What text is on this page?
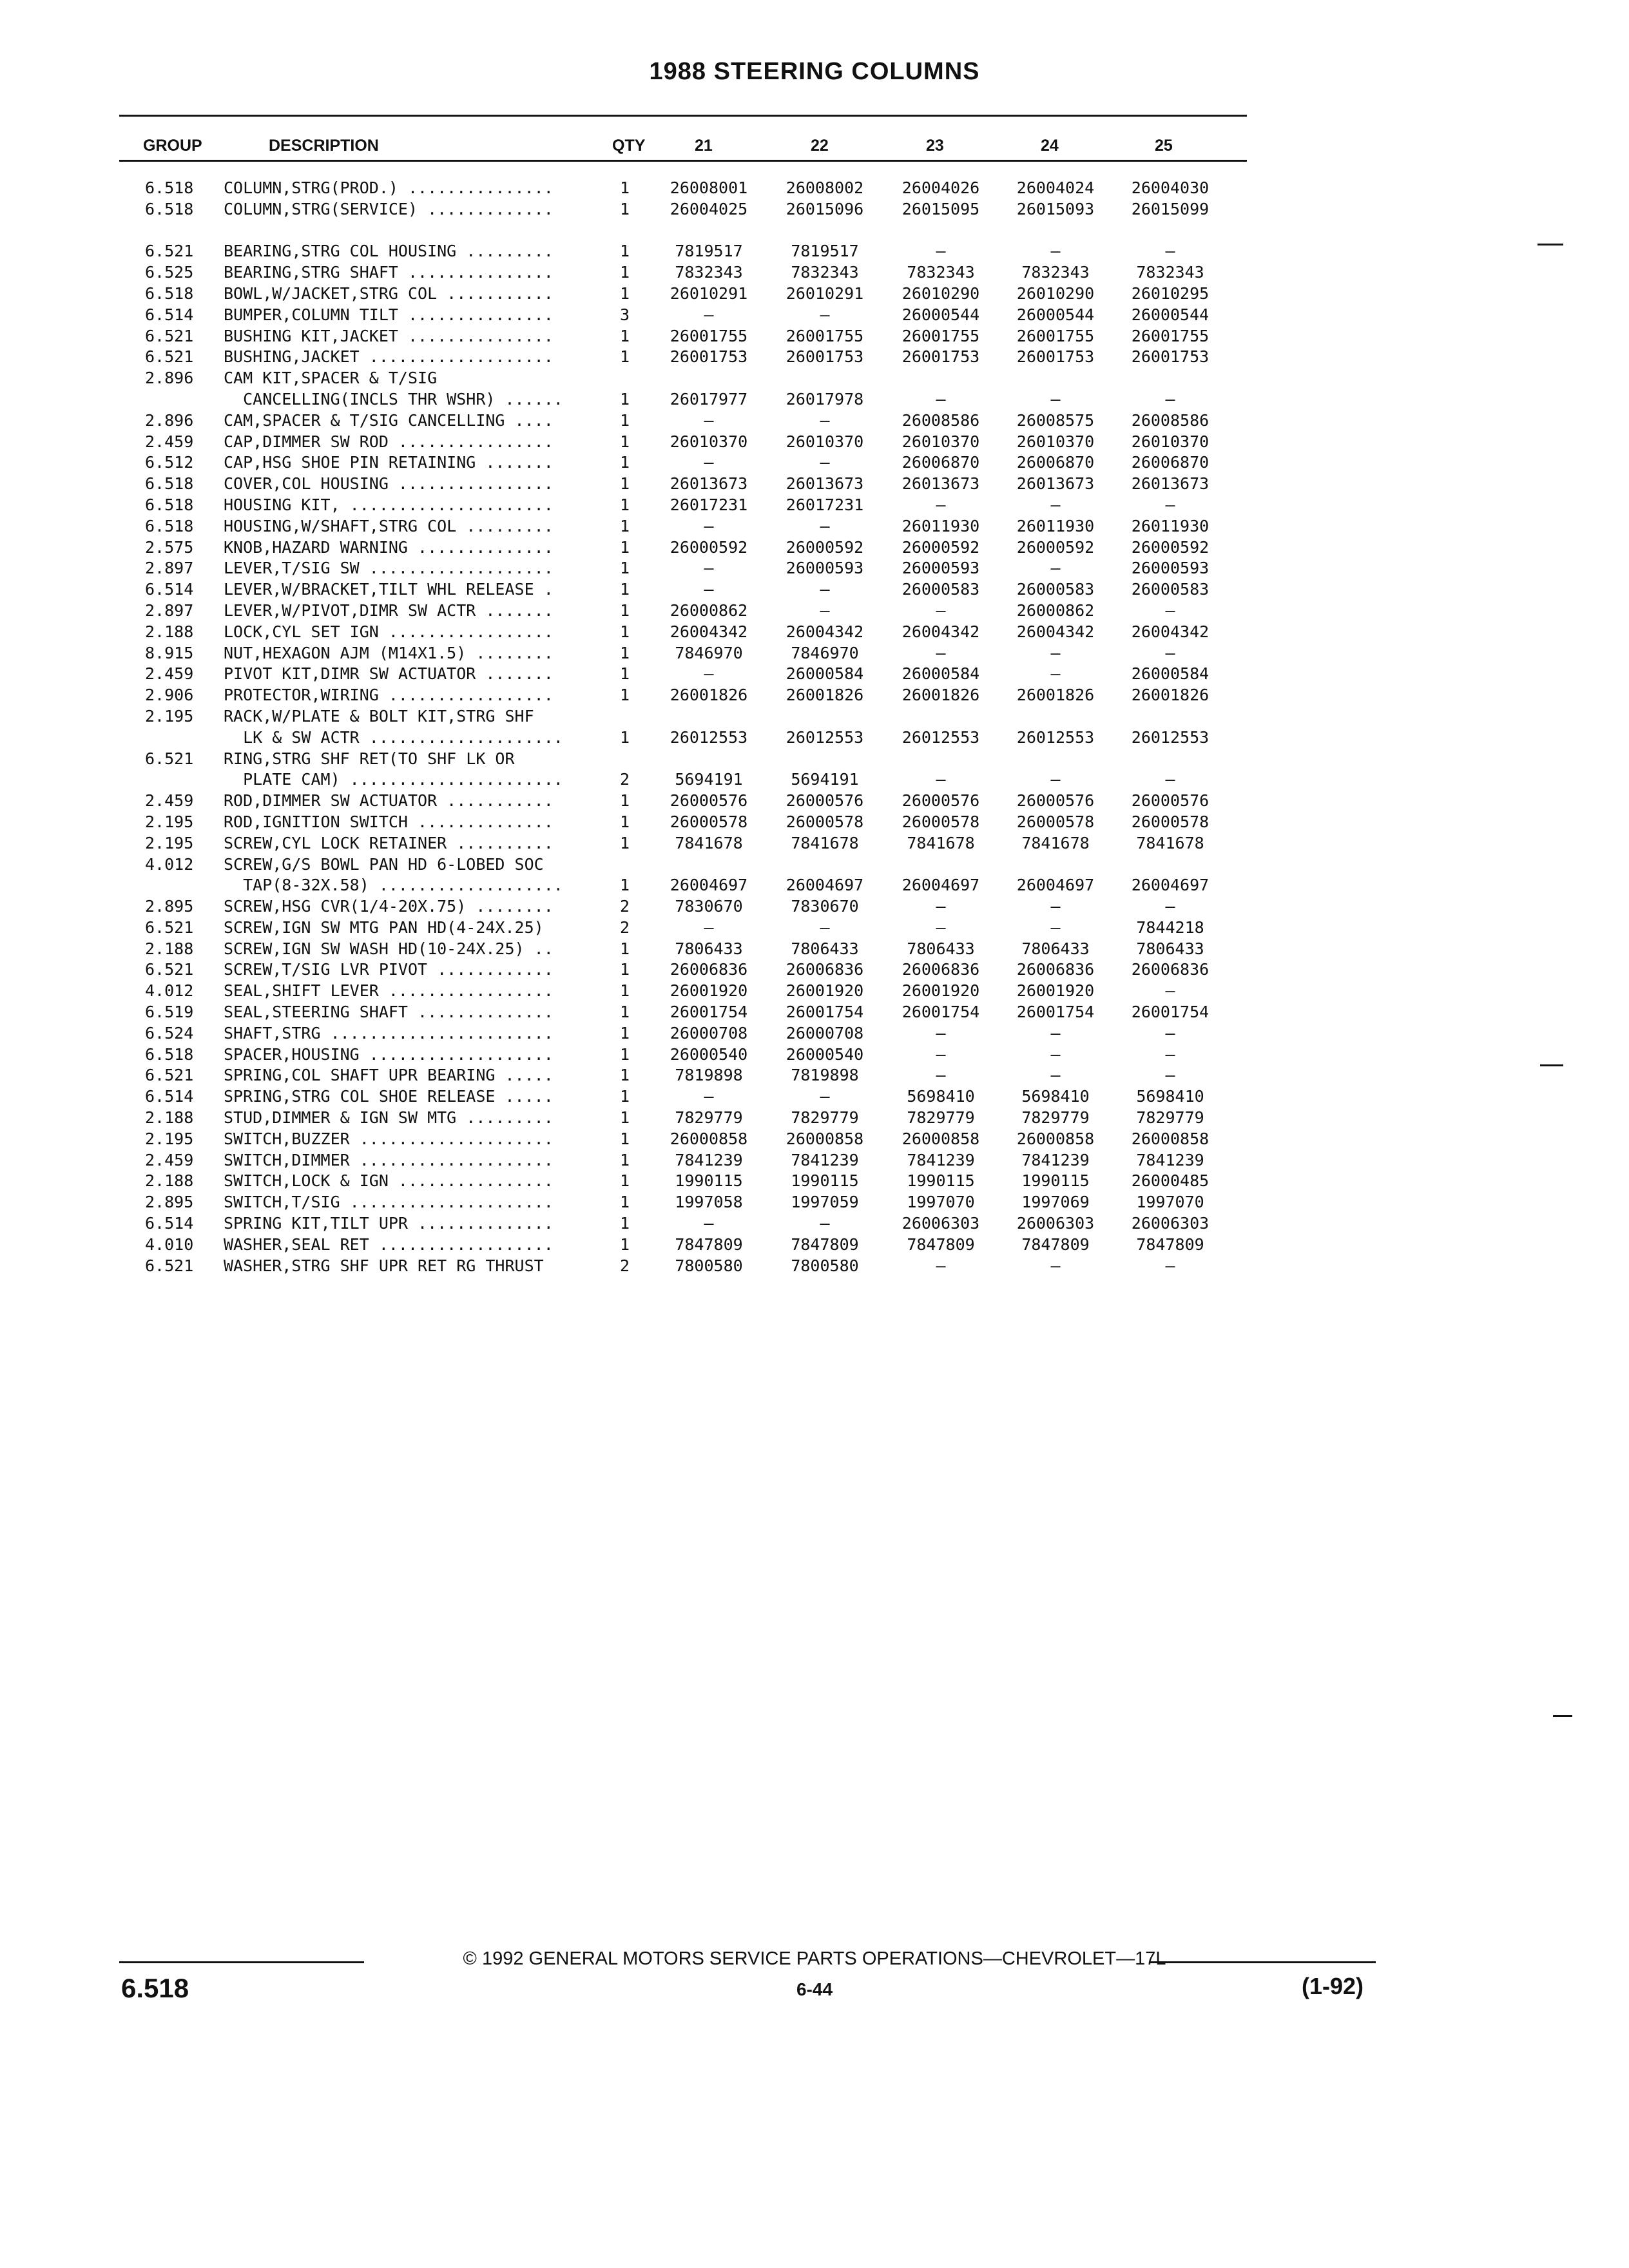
1988 STEERING COLUMNS
GROUP	DESCRIPTION	QTY	21	22	23	24	25
6.518 COLUMN,STRG(PROD.) ...............	1	26008001	26008002	26004026	26004024	26004030
6.518 COLUMN,STRG(SERVICE) .............	1	26004025	26015096	26015095	26015093	26015099
6.521 BEARING,STRG COL HOUSING .........	1	7819517	7819517	—	—	—
6.525 BEARING,STRG SHAFT ...............	1	7832343	7832343	7832343	7832343	7832343
6.518 BOWL,W/JACKET,STRG COL ...........	1	26010291	26010291	26010290	26010290	26010295
6.514 BUMPER,COLUMN TILT ...............	3	—	—	26000544	26000544	26000544
6.521 BUSHING KIT,JACKET ...............	1	26001755	26001755	26001755	26001755	26001755
6.521 BUSHING,JACKET ...................	1	26001753	26001753	26001753	26001753	26001753
2.896 CAM KIT,SPACER & T/SIG
CANCELLING(INCLS THR WSHR) ......	1	26017977	26017978	—	—	—
2.896 CAM,SPACER & T/SIG CANCELLING ....	1	—	—	26008586	26008575	26008586
2.459 CAP,DIMMER SW ROD ................	1	26010370	26010370	26010370	26010370	26010370
6.512 CAP,HSG SHOE PIN RETAINING .......	1	—	—	26006870	26006870	26006870
6.518 COVER,COL HOUSING ................	1	26013673	26013673	26013673	26013673	26013673
6.518 HOUSING KIT, .....................	1	26017231	26017231	—	—	—
6.518 HOUSING,W/SHAFT,STRG COL .........	1	—	—	26011930	26011930	26011930
2.575 KNOB,HAZARD WARNING ..............	1	26000592	26000592	26000592	26000592	26000592
2.897 LEVER,T/SIG SW ...................	1	—	26000593	26000593	—	26000593
6.514 LEVER,W/BRACKET,TILT WHL RELEASE .	1	—	—	26000583	26000583	26000583
2.897 LEVER,W/PIVOT,DIMR SW ACTR .......	1	26000862	—	—	26000862	—
2.188 LOCK,CYL SET IGN .................	1	26004342	26004342	26004342	26004342	26004342
8.915 NUT,HEXAGON AJM (M14X1.5) ........	1	7846970	7846970	—	—	—
2.459 PIVOT KIT,DIMR SW ACTUATOR .......	1	—	26000584	26000584	—	26000584
2.906 PROTECTOR,WIRING .................	1	26001826	26001826	26001826	26001826	26001826
2.195 RACK,W/PLATE & BOLT KIT,STRG SHF
LK & SW ACTR ....................	1	26012553	26012553	26012553	26012553	26012553
6.521 RING,STRG SHF RET(TO SHF LK OR
PLATE CAM) ......................	2	5694191	5694191	—	—	—
2.459 ROD,DIMMER SW ACTUATOR ...........	1	26000576	26000576	26000576	26000576	26000576
2.195 ROD,IGNITION SWITCH ..............	1	26000578	26000578	26000578	26000578	26000578
2.195 SCREW,CYL LOCK RETAINER ..........	1	7841678	7841678	7841678	7841678	7841678
4.012 SCREW,G/S BOWL PAN HD 6-LOBED SOC
TAP(8-32X.58) ...................	1	26004697	26004697	26004697	26004697	26004697
2.895 SCREW,HSG CVR(1/4-20X.75) ........	2	7830670	7830670	—	—	—
6.521 SCREW,IGN SW MTG PAN HD(4-24X.25)	2	—	—	—	—	7844218
2.188 SCREW,IGN SW WASH HD(10-24X.25) ..	1	7806433	7806433	7806433	7806433	7806433
6.521 SCREW,T/SIG LVR PIVOT ............	1	26006836	26006836	26006836	26006836	26006836
4.012 SEAL,SHIFT LEVER .................	1	26001920	26001920	26001920	26001920	—
6.519 SEAL,STEERING SHAFT ..............	1	26001754	26001754	26001754	26001754	26001754
6.524 SHAFT,STRG .......................	1	26000708	26000708	—	—	—
6.518 SPACER,HOUSING ...................	1	26000540	26000540	—	—	—
6.521 SPRING,COL SHAFT UPR BEARING .....	1	7819898	7819898	—	—	—
6.514 SPRING,STRG COL SHOE RELEASE .....	1	—	—	5698410	5698410	5698410
2.188 STUD,DIMMER & IGN SW MTG .........	1	7829779	7829779	7829779	7829779	7829779
2.195 SWITCH,BUZZER ....................	1	26000858	26000858	26000858	26000858	26000858
2.459 SWITCH,DIMMER ....................	1	7841239	7841239	7841239	7841239	7841239
2.188 SWITCH,LOCK & IGN ................	1	1990115	1990115	1990115	1990115	26000485
2.895 SWITCH,T/SIG .....................	1	1997058	1997059	1997070	1997069	1997070
6.514 SPRING KIT,TILT UPR ..............	1	—	—	26006303	26006303	26006303
4.010 WASHER,SEAL RET ..................	1	7847809	7847809	7847809	7847809	7847809
6.521 WASHER,STRG SHF UPR RET RG THRUST	2	7800580	7800580	—	—	—
© 1992 GENERAL MOTORS SERVICE PARTS OPERATIONS—CHEVROLET—17L
6.518	6-44	(1-92)
